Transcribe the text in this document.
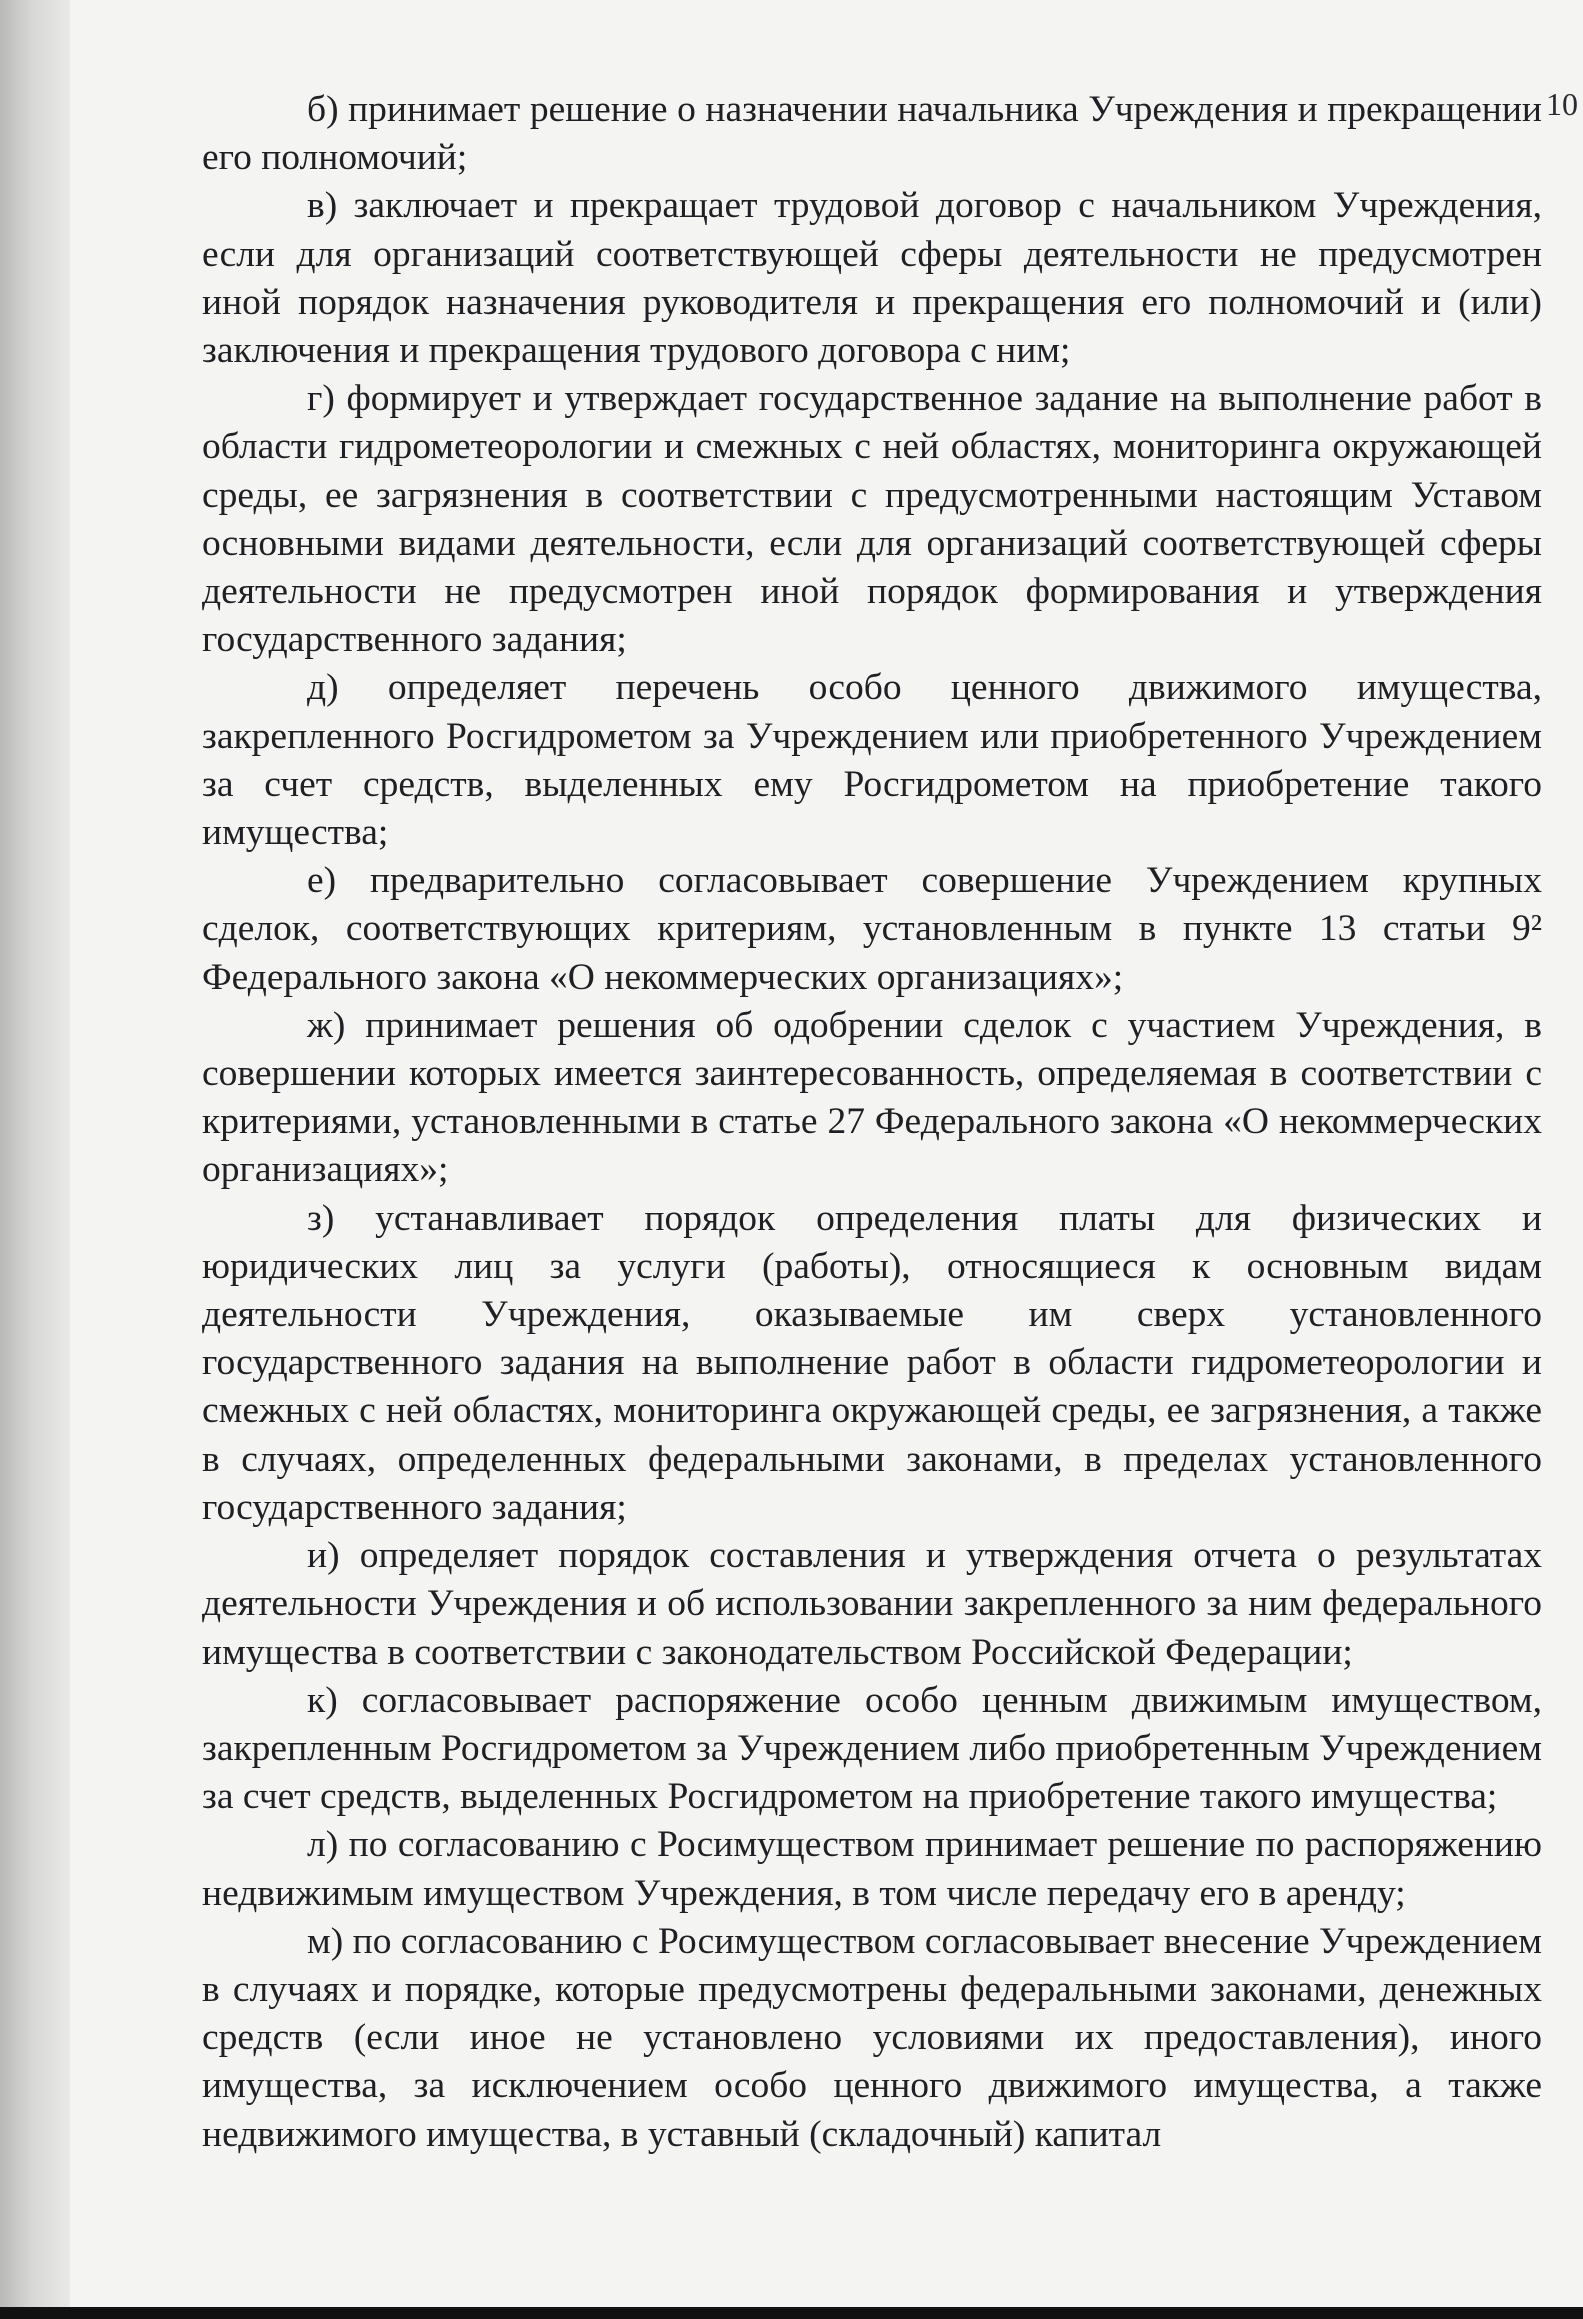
10

б) принимает решение о назначении начальника Учреждения и прекращении его полномочий;

в) заключает и прекращает трудовой договор с начальником Учреждения, если для организаций соответствующей сферы деятельности не предусмотрен иной порядок назначения руководителя и прекращения его полномочий и (или) заключения и прекращения трудового договора с ним;

г) формирует и утверждает государственное задание на выполнение работ в области гидрометеорологии и смежных с ней областях, мониторинга окружающей среды, ее загрязнения в соответствии с предусмотренными настоящим Уставом основными видами деятельности, если для организаций соответствующей сферы деятельности не предусмотрен иной порядок формирования и утверждения государственного задания;

д) определяет перечень особо ценного движимого имущества, закрепленного Росгидрометом за Учреждением или приобретенного Учреждением за счет средств, выделенных ему Росгидрометом на приобретение такого имущества;

е) предварительно согласовывает совершение Учреждением крупных сделок, соответствующих критериям, установленным в пункте 13 статьи 9² Федерального закона «О некоммерческих организациях»;

ж) принимает решения об одобрении сделок с участием Учреждения, в совершении которых имеется заинтересованность, определяемая в соответствии с критериями, установленными в статье 27 Федерального закона «О некоммерческих организациях»;

з) устанавливает порядок определения платы для физических и юридических лиц за услуги (работы), относящиеся к основным видам деятельности Учреждения, оказываемые им сверх установленного государственного задания на выполнение работ в области гидрометеорологии и смежных с ней областях, мониторинга окружающей среды, ее загрязнения, а также в случаях, определенных федеральными законами, в пределах установленного государственного задания;

и) определяет порядок составления и утверждения отчета о результатах деятельности Учреждения и об использовании закрепленного за ним федерального имущества в соответствии с законодательством Российской Федерации;

к) согласовывает распоряжение особо ценным движимым имуществом, закрепленным Росгидрометом за Учреждением либо приобретенным Учреждением за счет средств, выделенных Росгидрометом на приобретение такого имущества;

л) по согласованию с Росимуществом принимает решение по распоряжению недвижимым имуществом Учреждения, в том числе передачу его в аренду;

м) по согласованию с Росимуществом согласовывает внесение Учреждением в случаях и порядке, которые предусмотрены федеральными законами, денежных средств (если иное не установлено условиями их предоставления), иного имущества, за исключением особо ценного движимого имущества, а также недвижимого имущества, в уставный (складочный) капитал
